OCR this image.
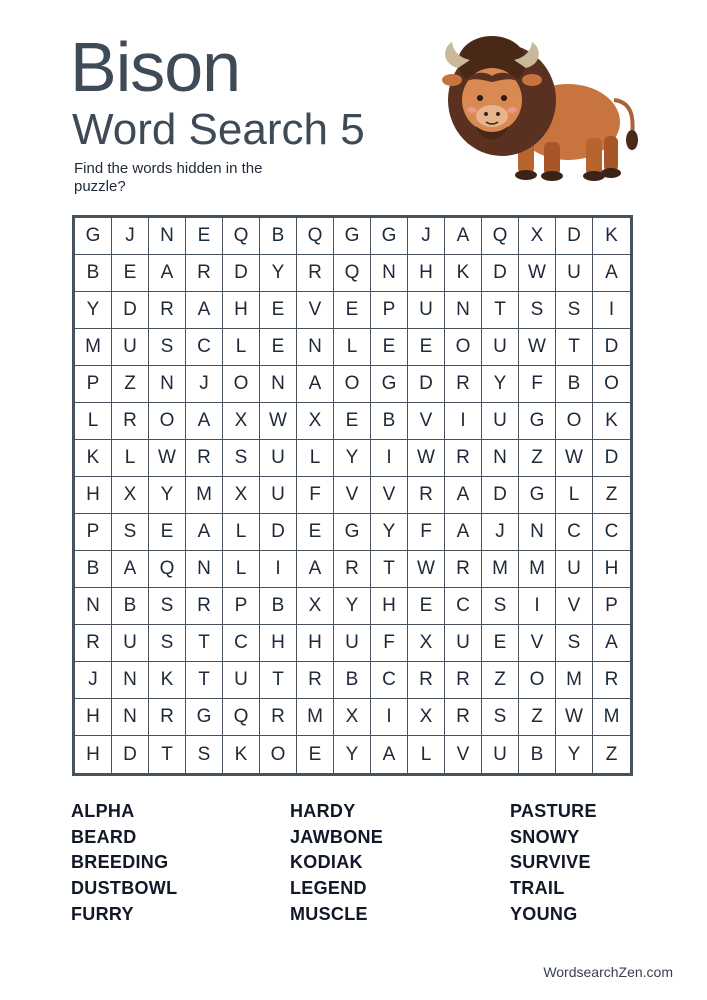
Bison
Word Search 5
Find the words hidden in the puzzle?
G	J	N	E	Q	B	Q	G	G	J	A	Q	X	D	K
B	E	A	R	D	Y	R	Q	N	H	K	D	W	U	A
Y	D	R	A	H	E	V	E	P	U	N	T	S	S	I
M	U	S	C	L	E	N	L	E	E	O	U	W	T	D
P	Z	N	J	O	N	A	O	G	D	R	Y	F	B	O
L	R	O	A	X	W	X	E	B	V	I	U	G	O	K
K	L	W	R	S	U	L	Y	I	W	R	N	Z	W	D
H	X	Y	M	X	U	F	V	V	R	A	D	G	L	Z
P	S	E	A	L	D	E	G	Y	F	A	J	N	C	C
B	A	Q	N	L	I	A	R	T	W	R	M	M	U	H
N	B	S	R	P	B	X	Y	H	E	C	S	I	V	P
R	U	S	T	C	H	H	U	F	X	U	E	V	S	A
J	N	K	T	U	T	R	B	C	R	R	Z	O	M	R
H	N	R	G	Q	R	M	X	I	X	R	S	Z	W	M
H	D	T	S	K	O	E	Y	A	L	V	U	B	Y	Z
ALPHA
BEARD
BREEDING
DUSTBOWL
FURRY
HARDY
JAWBONE
KODIAK
LEGEND
MUSCLE
PASTURE
SNOWY
SURVIVE
TRAIL
YOUNG
WordsearchZen.com
